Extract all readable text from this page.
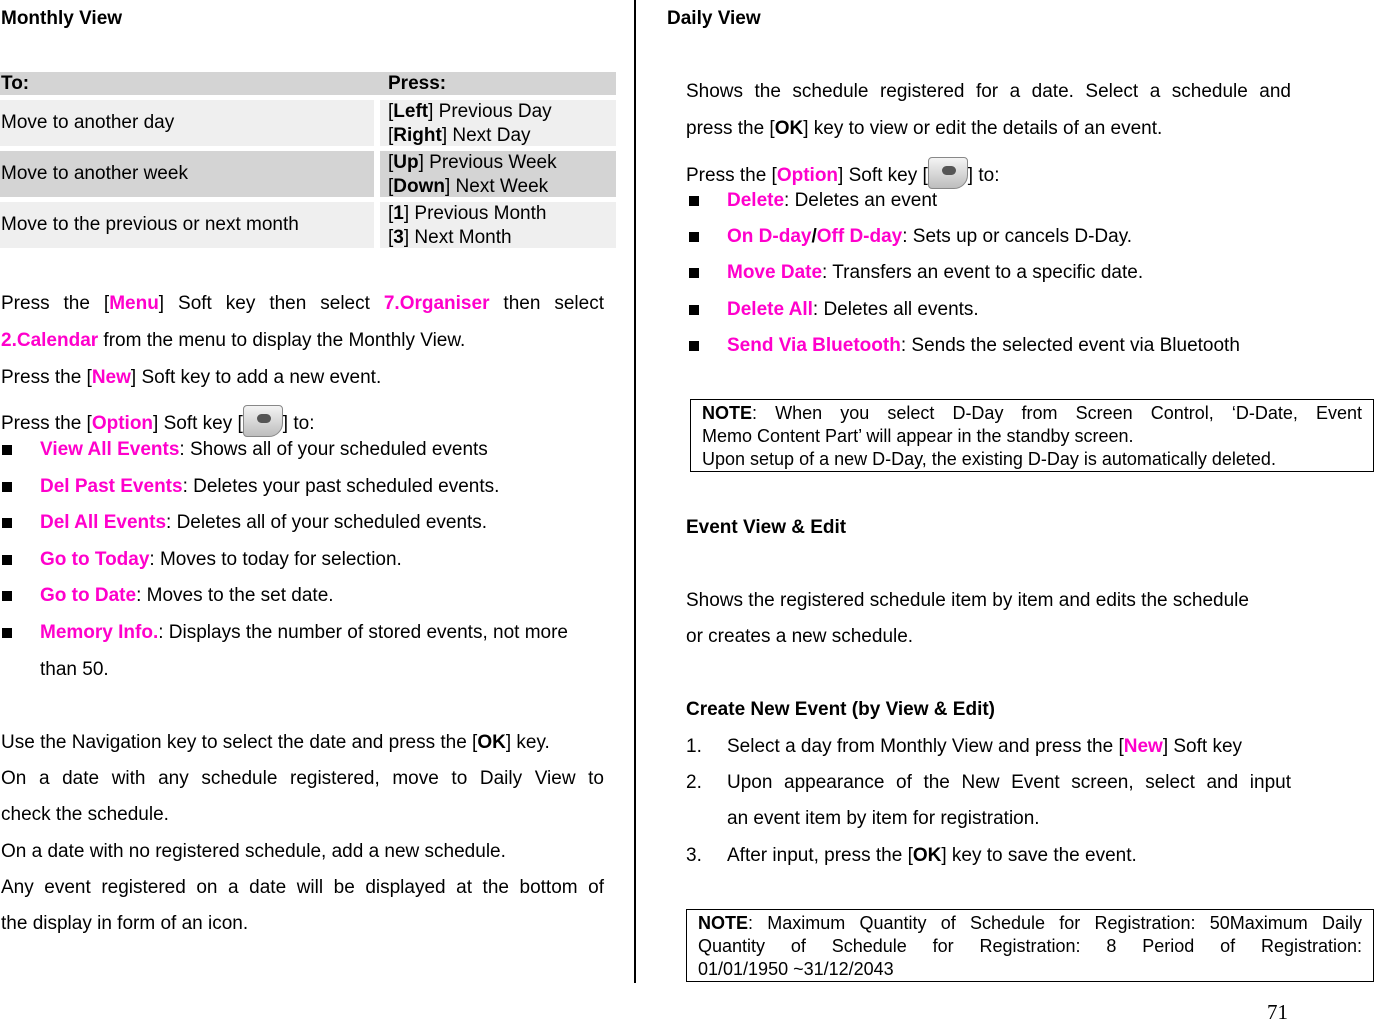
Monthly View
To:	Press:
Move to another day
[Left] Previous Day
[Right] Next Day
Move to another week
[Up] Previous Week
[Down] Next Week
Move to the previous or next month
[1] Previous Month
[3] Next Month
Press the [Menu] Soft key then select 7.Organiser then select
2.Calendar from the menu to display the Monthly View.
Press the [New] Soft key to add a new event.
Press the [Option] Soft key [ ] to:
View All Events: Shows all of your scheduled events
Del Past Events: Deletes your past scheduled events.
Del All Events: Deletes all of your scheduled events.
Go to Today: Moves to today for selection.
Go to Date: Moves to the set date.
Memory Info.: Displays the number of stored events, not more
than 50.
Use the Navigation key to select the date and press the [OK] key.
On a date with any schedule registered, move to Daily View to
check the schedule.
On a date with no registered schedule, add a new schedule.
Any event registered on a date will be displayed at the bottom of
the display in form of an icon.
Daily View
Shows the schedule registered for a date. Select a schedule and
press the [OK] key to view or edit the details of an event.
Press the [Option] Soft key [ ] to:
Delete: Deletes an event
On D-day/Off D-day: Sets up or cancels D-Day.
Move Date: Transfers an event to a specific date.
Delete All: Deletes all events.
Send Via Bluetooth: Sends the selected event via Bluetooth

NOTE: When you select D-Day from Screen Control, ‘D-Date, Event

Memo Content Part’ will appear in the standby screen.

Upon setup of a new D-Day, the existing D-Day is automatically deleted.

Event View & Edit
Shows the registered schedule item by item and edits the schedule
or creates a new schedule.
Create New Event (by View & Edit)
1. Select a day from Monthly View and press the [New] Soft key
2. Upon appearance of the New Event screen, select and input
an event item by item for registration.
3. After input, press the [OK] key to save the event.

NOTE: Maximum Quantity of Schedule for Registration: 50Maximum Daily

Quantity of Schedule for Registration: 8 Period of Registration:

01/01/1950 ~31/12/2043

71
